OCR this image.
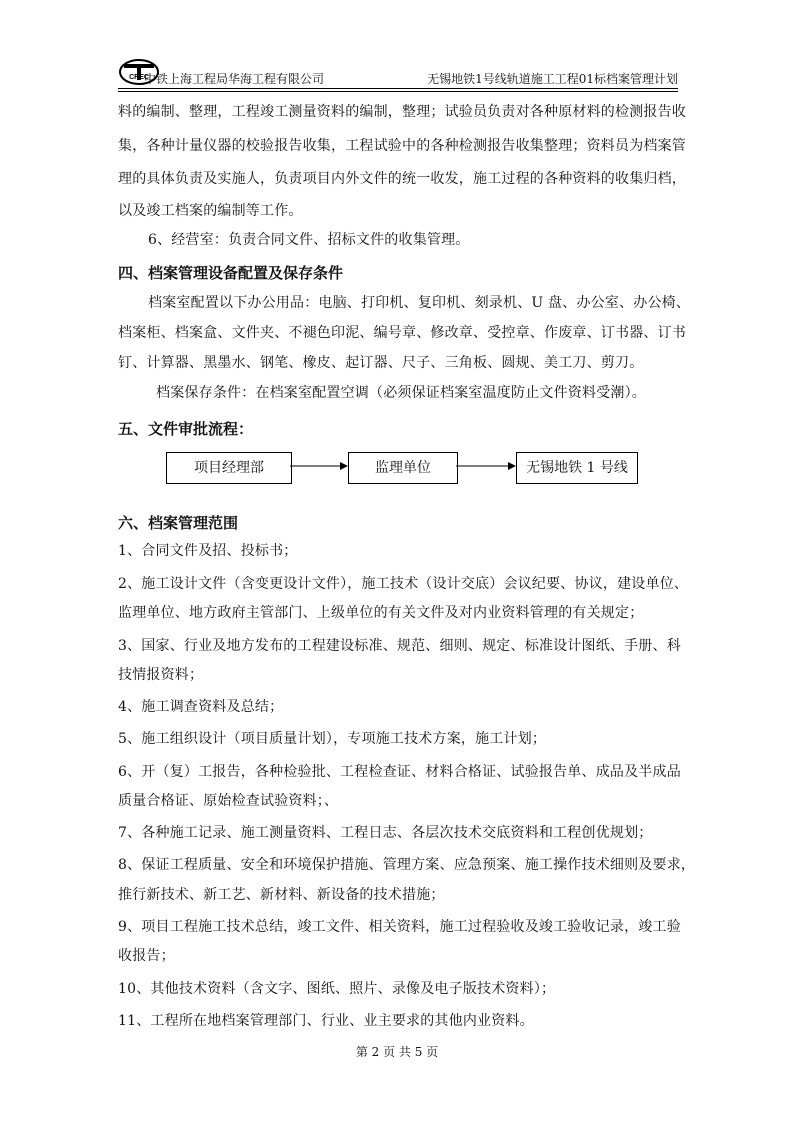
CREC
中铁上海工程局华海工程有限公司	无锡地铁1号线轨道施工工程01标档案管理计划
料的编制、整理，工程竣工测量资料的编制，整理；试验员负责对各种原材料的检测报告收
集，各种计量仪器的校验报告收集，工程试验中的各种检测报告收集整理；资料员为档案管
理的具体负责及实施人，负责项目内外文件的统一收发，施工过程的各种资料的收集归档，
以及竣工档案的编制等工作。
6、经营室：负责合同文件、招标文件的收集管理。
四、档案管理设备配置及保存条件
档案室配置以下办公用品：电脑、打印机、复印机、刻录机、U 盘、办公室、办公椅、
档案柜、档案盒、文件夹、不褪色印泥、编号章、修改章、受控章、作废章、订书器、订书
钉、计算器、黑墨水、钢笔、橡皮、起订器、尺子、三角板、圆规、美工刀、剪刀。
档案保存条件：在档案室配置空调（必须保证档案室温度防止文件资料受潮）。
五、文件审批流程：
项目经理部	监理单位	无锡地铁 1 号线
六、档案管理范围
1、合同文件及招、投标书；
2、施工设计文件（含变更设计文件），施工技术（设计交底）会议纪要、协议，建设单位、
监理单位、地方政府主管部门、上级单位的有关文件及对内业资料管理的有关规定；
3、国家、行业及地方发布的工程建设标准、规范、细则、规定、标准设计图纸、手册、科
技情报资料；
4、施工调查资料及总结；
5、施工组织设计（项目质量计划），专项施工技术方案，施工计划；
6、开（复）工报告，各种检验批、工程检查证、材料合格证、试验报告单、成品及半成品
质量合格证、原始检查试验资料；、
7、各种施工记录、施工测量资料、工程日志、各层次技术交底资料和工程创优规划；
8、保证工程质量、安全和环境保护措施、管理方案、应急预案、施工操作技术细则及要求，
推行新技术、新工艺、新材料、新设备的技术措施；
9、项目工程施工技术总结，竣工文件、相关资料，施工过程验收及竣工验收记录，竣工验
收报告；
10、其他技术资料（含文字、图纸、照片、录像及电子版技术资料）；
11、工程所在地档案管理部门、行业、业主要求的其他内业资料。
第 2 页 共 5 页
